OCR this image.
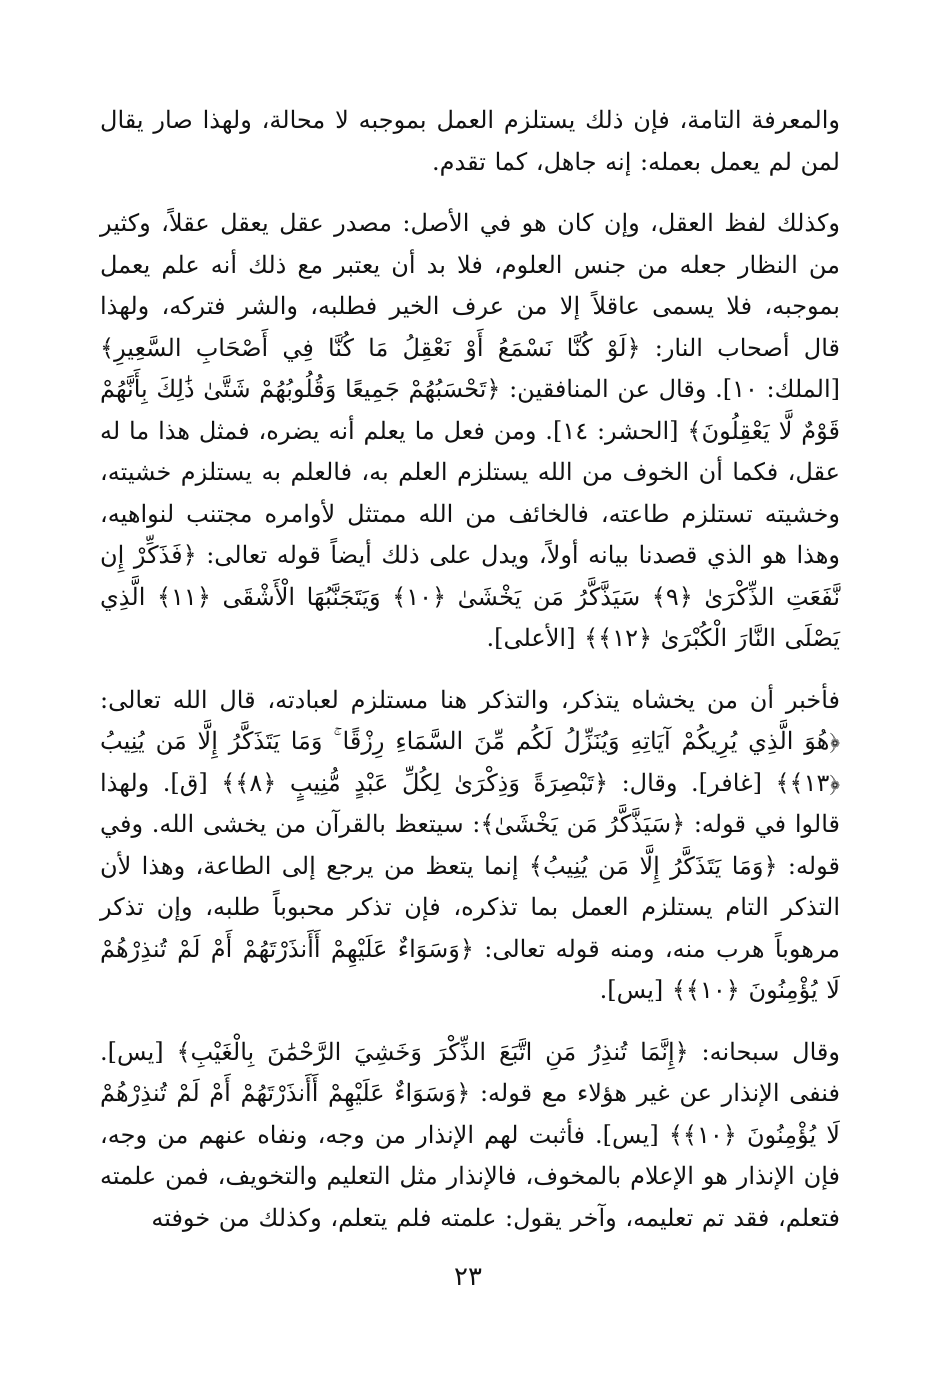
والمعرفة التامة، فإن ذلك يستلزم العمل بموجبه لا محالة، ولهذا صار يقال لمن لم يعمل بعمله: إنه جاهل، كما تقدم.

وكذلك لفظ العقل، وإن كان هو في الأصل: مصدر عقل يعقل عقلاً، وكثير من النظار جعله من جنس العلوم، فلا بد أن يعتبر مع ذلك أنه علم يعمل بموجبه، فلا يسمى عاقلاً إلا من عرف الخير فطلبه، والشر فتركه، ولهذا قال أصحاب النار: ﴿لَوْ كُنَّا نَسْمَعُ أَوْ نَعْقِلُ مَا كُنَّا فِي أَصْحَابِ السَّعِيرِ﴾ [الملك: ١٠]. وقال عن المنافقين: ﴿تَحْسَبُهُمْ جَمِيعًا وَقُلُوبُهُمْ شَتَّىٰ ذَٰلِكَ بِأَنَّهُمْ قَوْمٌ لَّا يَعْقِلُونَ﴾ [الحشر: ١٤]. ومن فعل ما يعلم أنه يضره، فمثل هذا ما له عقل، فكما أن الخوف من الله يستلزم العلم به، فالعلم به يستلزم خشيته، وخشيته تستلزم طاعته، فالخائف من الله ممتثل لأوامره مجتنب لنواهيه، وهذا هو الذي قصدنا بيانه أولاً، ويدل على ذلك أيضاً قوله تعالى: ﴿فَذَكِّرْ إِن نَّفَعَتِ الذِّكْرَىٰ ﴿٩﴾ سَيَذَّكَّرُ مَن يَخْشَىٰ ﴿١٠﴾ وَيَتَجَنَّبُهَا الْأَشْقَى ﴿١١﴾ الَّذِي يَصْلَى النَّارَ الْكُبْرَىٰ ﴿١٢﴾﴾ [الأعلى].

فأخبر أن من يخشاه يتذكر، والتذكر هنا مستلزم لعبادته، قال الله تعالى: ﴿هُوَ الَّذِي يُرِيكُمْ آيَاتِهِ وَيُنَزِّلُ لَكُم مِّنَ السَّمَاءِ رِزْقًا ۚ وَمَا يَتَذَكَّرُ إِلَّا مَن يُنِيبُ ﴿١٣﴾﴾ [غافر]. وقال: ﴿تَبْصِرَةً وَذِكْرَىٰ لِكُلِّ عَبْدٍ مُّنِيبٍ ﴿٨﴾﴾ [ق]. ولهذا قالوا في قوله: ﴿سَيَذَّكَّرُ مَن يَخْشَىٰ﴾: سيتعظ بالقرآن من يخشى الله. وفي قوله: ﴿وَمَا يَتَذَكَّرُ إِلَّا مَن يُنِيبُ﴾ إنما يتعظ من يرجع إلى الطاعة، وهذا لأن التذكر التام يستلزم العمل بما تذكره، فإن تذكر محبوباً طلبه، وإن تذكر مرهوباً هرب منه، ومنه قوله تعالى: ﴿وَسَوَاءٌ عَلَيْهِمْ أَأَنذَرْتَهُمْ أَمْ لَمْ تُنذِرْهُمْ لَا يُؤْمِنُونَ ﴿١٠﴾﴾ [يس].

وقال سبحانه: ﴿إِنَّمَا تُنذِرُ مَنِ اتَّبَعَ الذِّكْرَ وَخَشِيَ الرَّحْمَٰنَ بِالْغَيْبِ﴾ [يس]. فنفى الإنذار عن غير هؤلاء مع قوله: ﴿وَسَوَاءٌ عَلَيْهِمْ أَأَنذَرْتَهُمْ أَمْ لَمْ تُنذِرْهُمْ لَا يُؤْمِنُونَ ﴿١٠﴾﴾ [يس]. فأثبت لهم الإنذار من وجه، ونفاه عنهم من وجه، فإن الإنذار هو الإعلام بالمخوف، فالإنذار مثل التعليم والتخويف، فمن علمته فتعلم، فقد تم تعليمه، وآخر يقول: علمته فلم يتعلم، وكذلك من خوفته

٢٣
